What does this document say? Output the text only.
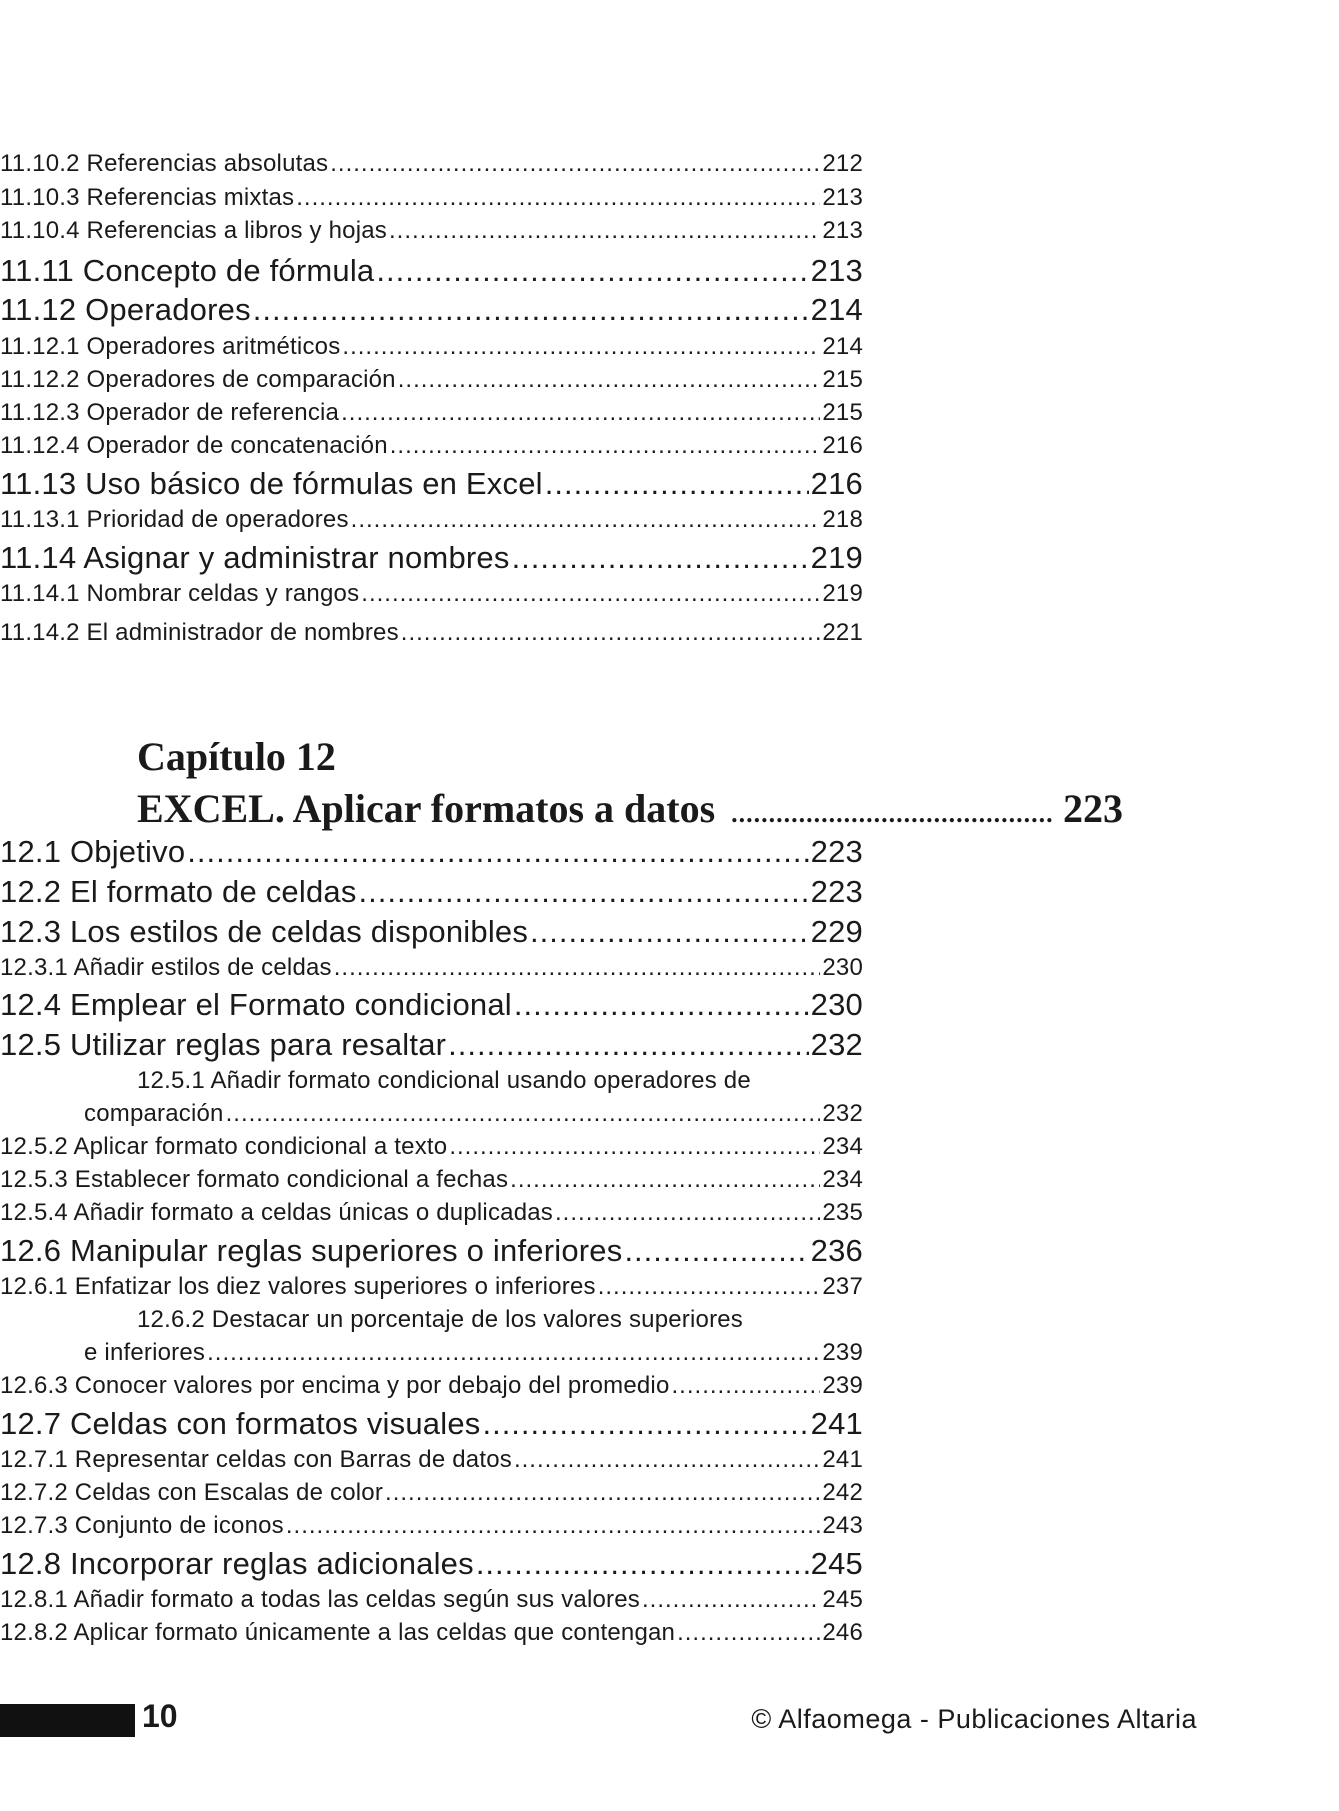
11.10.2 Referencias absolutas .....	212
11.10.3 Referencias mixtas .....	213
11.10.4 Referencias a libros y hojas .....	213
11.11 Concepto de fórmula .....	213
11.12 Operadores .....	214
11.12.1 Operadores aritméticos .....	214
11.12.2 Operadores de comparación .....	215
11.12.3 Operador de referencia .....	215
11.12.4 Operador de concatenación .....	216
11.13 Uso básico de fórmulas en Excel .....	216
11.13.1 Prioridad de operadores .....	218
11.14 Asignar y administrar nombres .....	219
11.14.1 Nombrar celdas y rangos .....	219
11.14.2 El administrador de nombres .....	221
Capítulo 12
EXCEL. Aplicar formatos a datos .....	223
12.1 Objetivo .....	223
12.2 El formato de celdas .....	223
12.3 Los estilos de celdas disponibles .....	229
12.3.1 Añadir estilos de celdas .....	230
12.4 Emplear el Formato condicional .....	230
12.5 Utilizar reglas para resaltar .....	232
12.5.1 Añadir formato condicional usando operadores de
comparación .....	232
12.5.2 Aplicar formato condicional a texto .....	234
12.5.3 Establecer formato condicional a fechas .....	234
12.5.4 Añadir formato a celdas únicas o duplicadas .....	235
12.6 Manipular reglas superiores o inferiores .....	236
12.6.1 Enfatizar los diez valores superiores o inferiores .....	237
12.6.2 Destacar un porcentaje de los valores superiores
e inferiores .....	239
12.6.3 Conocer valores por encima y por debajo del promedio .....	239
12.7 Celdas con formatos visuales .....	241
12.7.1 Representar celdas con Barras de datos .....	241
12.7.2 Celdas con Escalas de color .....	242
12.7.3 Conjunto de iconos .....	243
12.8 Incorporar reglas adicionales .....	245
12.8.1 Añadir formato a todas las celdas según sus valores .....	245
12.8.2 Aplicar formato únicamente a las celdas que contengan .....	246
10	© Alfaomega - Publicaciones Altaria
